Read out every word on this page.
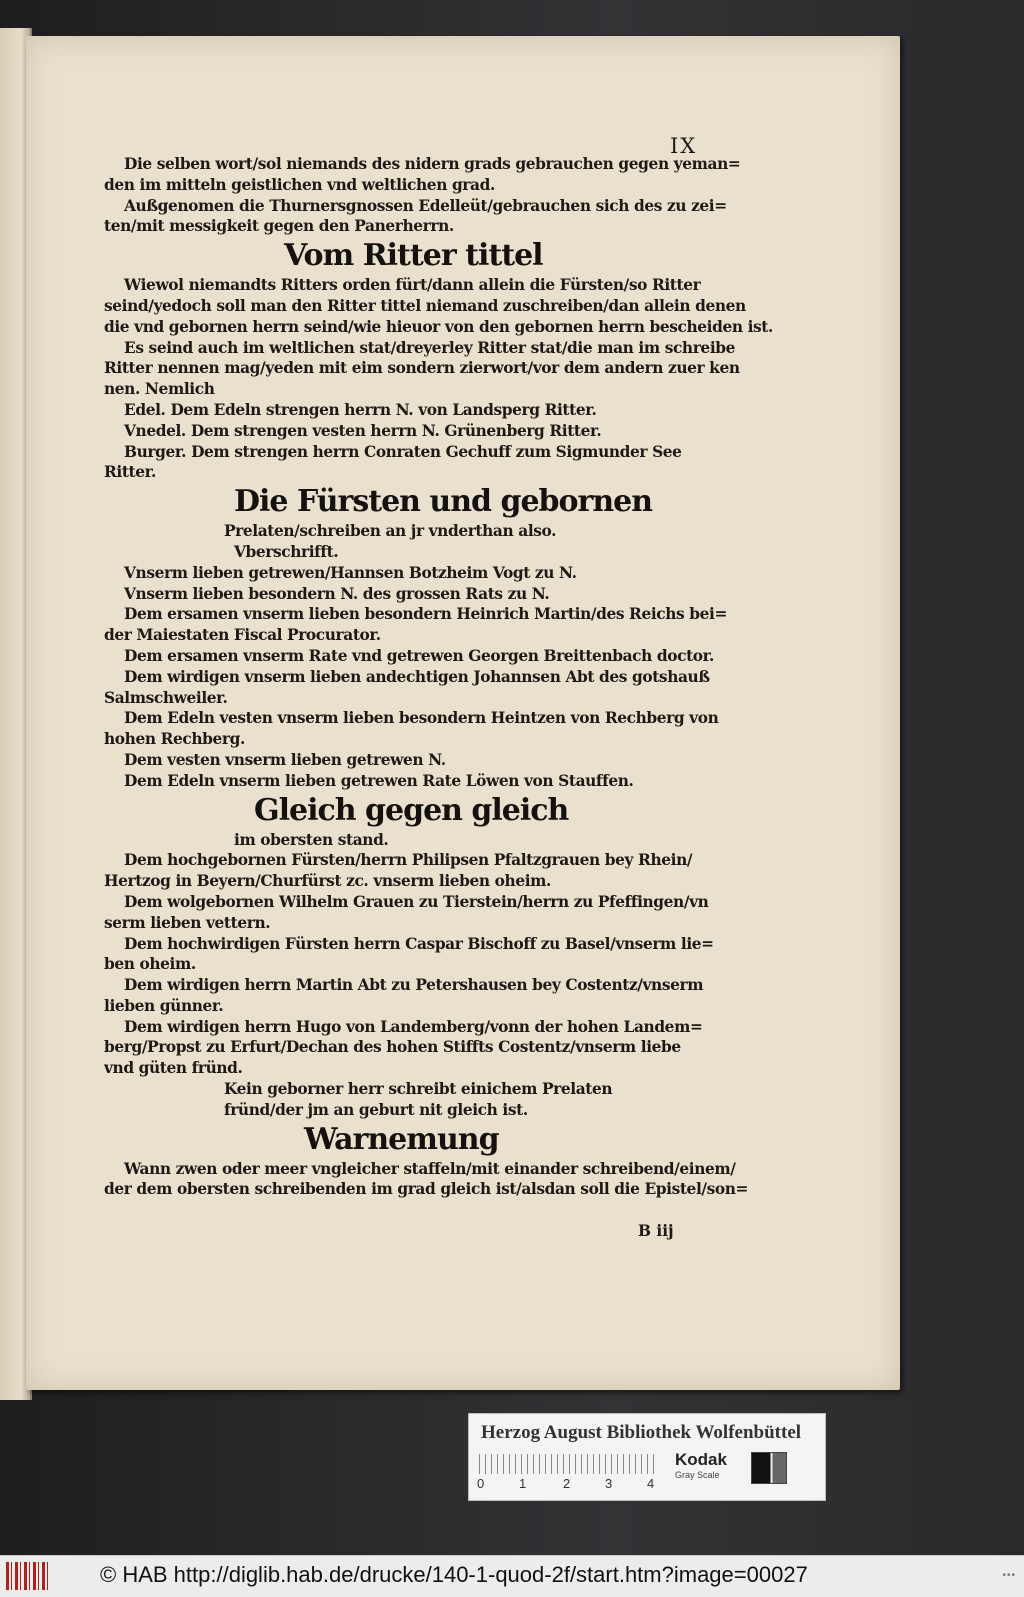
IX
Die selben wort/sol niemands des nidern grads gebrauchen gegen yeman=
den im mitteln geistlichen vnd weltlichen grad.
Außgenomen die Thurnersgnossen Edelleüt/gebrauchen sich des zu zei=
ten/mit messigkeit gegen den Panerherrn.
Vom Ritter tittel
Wiewol niemandts Ritters orden fürt/dann allein die Fürsten/so Ritter
seind/yedoch soll man den Ritter tittel niemand zuschreiben/dan allein denen
die vnd gebornen herrn seind/wie hieuor von den gebornen herrn bescheiden ist.
Es seind auch im weltlichen stat/dreyerley Ritter stat/die man im schreibe
Ritter nennen mag/yeden mit eim sondern zierwort/vor dem andern zuer ken
nen. Nemlich
Edel. Dem Edeln strengen herrn N. von Landsperg Ritter.
Vnedel. Dem strengen vesten herrn N. Grünenberg Ritter.
Burger. Dem strengen herrn Conraten Gechuff zum Sigmunder See
Ritter.
Die Fürsten und gebornen
Prelaten/schreiben an jr vnderthan also.
Vberschrifft.
Vnserm lieben getrewen/Hannsen Botzheim Vogt zu N.
Vnserm lieben besondern N. des grossen Rats zu N.
Dem ersamen vnserm lieben besondern Heinrich Martin/des Reichs bei=
der Maiestaten Fiscal Procurator.
Dem ersamen vnserm Rate vnd getrewen Georgen Breittenbach doctor.
Dem wirdigen vnserm lieben andechtigen Johannsen Abt des gotshauß
Salmschweiler.
Dem Edeln vesten vnserm lieben besondern Heintzen von Rechberg von
hohen Rechberg.
Dem vesten vnserm lieben getrewen N.
Dem Edeln vnserm lieben getrewen Rate Löwen von Stauffen.
Gleich gegen gleich
im obersten stand.
Dem hochgebornen Fürsten/herrn Philipsen Pfaltzgrauen bey Rhein/
Hertzog in Beyern/Churfürst zc. vnserm lieben oheim.
Dem wolgebornen Wilhelm Grauen zu Tierstein/herrn zu Pfeffingen/vn
serm lieben vettern.
Dem hochwirdigen Fürsten herrn Caspar Bischoff zu Basel/vnserm lie=
ben oheim.
Dem wirdigen herrn Martin Abt zu Petershausen bey Costentz/vnserm
lieben günner.
Dem wirdigen herrn Hugo von Landemberg/vonn der hohen Landem=
berg/Propst zu Erfurt/Dechan des hohen Stiffts Costentz/vnserm liebe
vnd güten fründ.
Kein geborner herr schreibt einichem Prelaten
fründ/der jm an geburt nit gleich ist.
Warnemung
Wann zwen oder meer vngleicher staffeln/mit einander schreibend/einem/
der dem obersten schreibenden im grad gleich ist/alsdan soll die Epistel/son=
B iij
Herzog August Bibliothek Wolfenbüttel
0	1	2	3	4
Kodak
Gray Scale
© HAB http://diglib.hab.de/drucke/140-1-quod-2f/start.htm?image=00027	•••
